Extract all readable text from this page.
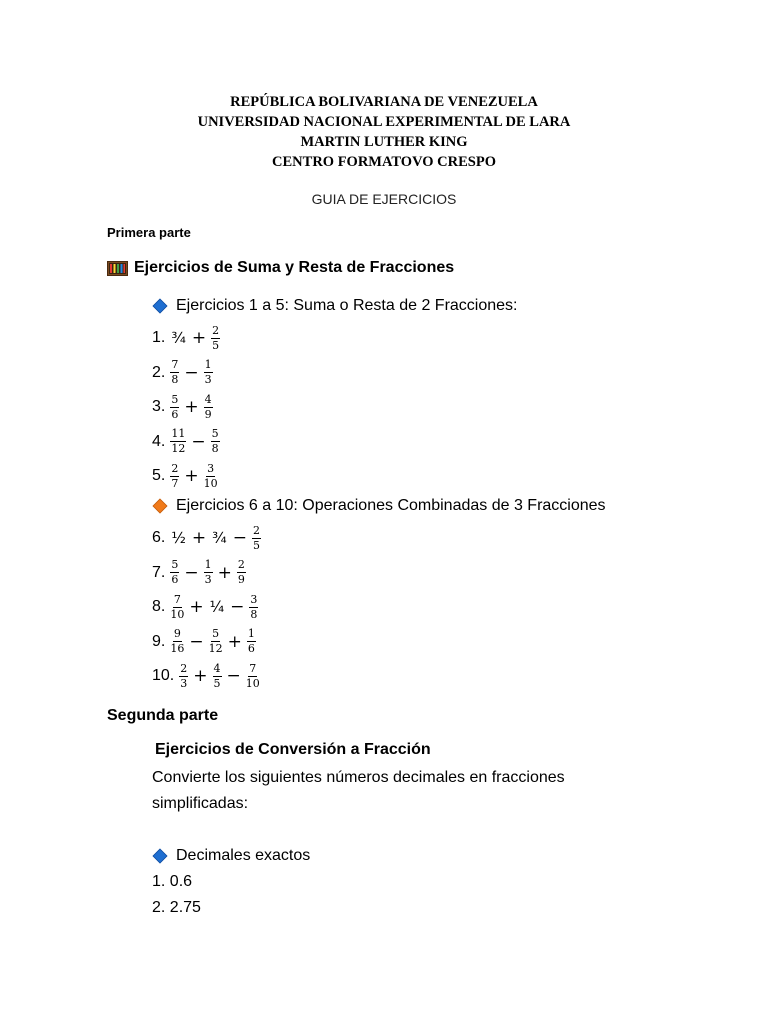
REPÚBLICA BOLIVARIANA DE VENEZUELA
UNIVERSIDAD NACIONAL EXPERIMENTAL DE LARA
MARTIN LUTHER KING
CENTRO FORMATOVO CRESPO
GUIA DE EJERCICIOS
Primera parte
Ejercicios de Suma y Resta de Fracciones
Ejercicios 1 a 5: Suma o Resta de 2 Fracciones:
1. ¾ + $\frac{2}{5}$
2. $\frac{7}{8} - \frac{1}{3}$
3. $\frac{5}{6} + \frac{4}{9}$
4. $\frac{11}{12} - \frac{5}{8}$
5. $\frac{2}{7} + \frac{3}{10}$
Ejercicios 6 a 10: Operaciones Combinadas de 3 Fracciones
6. ½ + ¾ − $\frac{2}{5}$
7. $\frac{5}{6} - \frac{1}{3} + \frac{2}{9}$
8. $\frac{7}{10}$ + ¼ − $\frac{3}{8}$
9. $\frac{9}{16} - \frac{5}{12} + \frac{1}{6}$
10. $\frac{2}{3} + \frac{4}{5} - \frac{7}{10}$
Segunda parte
Ejercicios de Conversión a Fracción
Convierte los siguientes números decimales en fracciones simplificadas:
Decimales exactos
1. 0.6
2. 2.75
